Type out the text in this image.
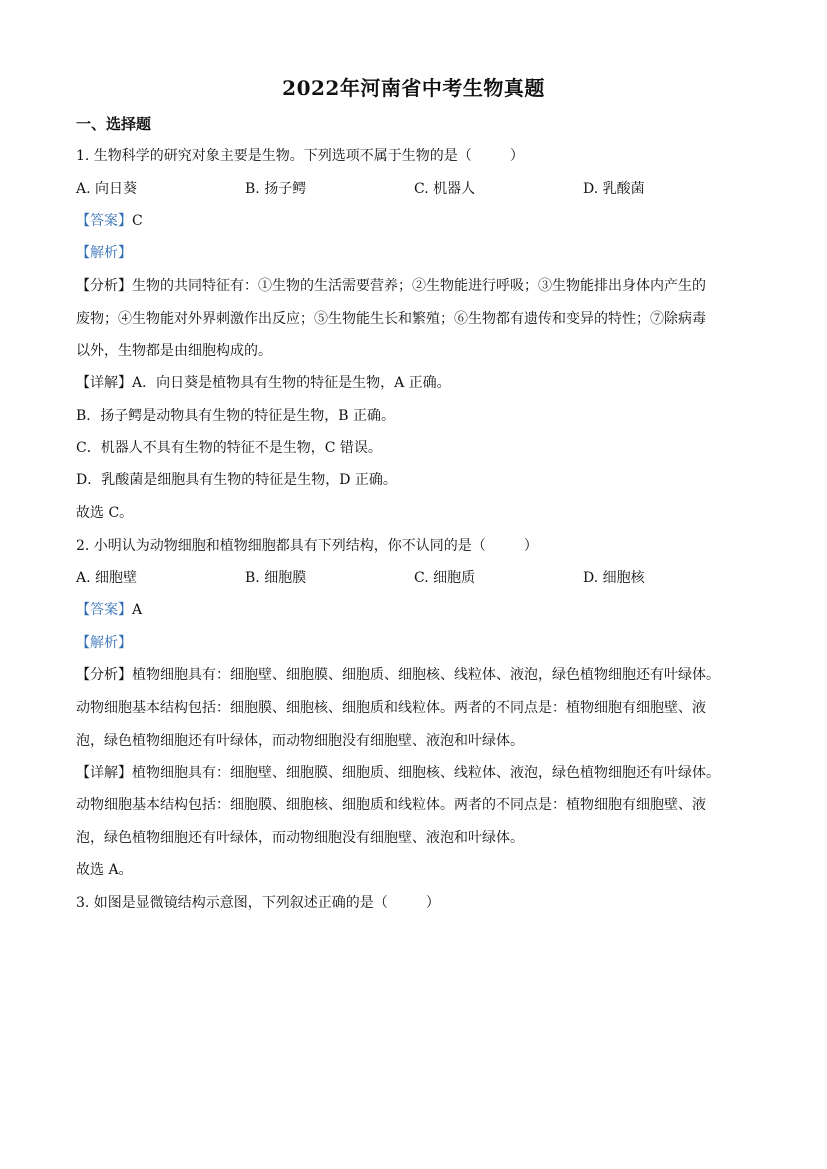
2022年河南省中考生物真题
一、选择题
1. 生物科学的研究对象主要是生物。下列选项不属于生物的是（	）
A. 向日葵	B. 扬子鳄	C. 机器人	D. 乳酸菌
【答案】C
【解析】
【分析】生物的共同特征有：①生物的生活需要营养；②生物能进行呼吸；③生物能排出身体内产生的
废物；④生物能对外界刺激作出反应；⑤生物能生长和繁殖；⑥生物都有遗传和变异的特性；⑦除病毒
以外，生物都是由细胞构成的。
【详解】A．向日葵是植物具有生物的特征是生物，A 正确。
B．扬子鳄是动物具有生物的特征是生物，B 正确。
C．机器人不具有生物的特征不是生物，C 错误。
D．乳酸菌是细胞具有生物的特征是生物，D 正确。
故选 C。
2. 小明认为动物细胞和植物细胞都具有下列结构，你不认同的是（	）
A. 细胞壁	B. 细胞膜	C. 细胞质	D. 细胞核
【答案】A
【解析】
【分析】植物细胞具有：细胞壁、细胞膜、细胞质、细胞核、线粒体、液泡，绿色植物细胞还有叶绿体。
动物细胞基本结构包括：细胞膜、细胞核、细胞质和线粒体。两者的不同点是：植物细胞有细胞壁、液
泡，绿色植物细胞还有叶绿体，而动物细胞没有细胞壁、液泡和叶绿体。
【详解】植物细胞具有：细胞壁、细胞膜、细胞质、细胞核、线粒体、液泡，绿色植物细胞还有叶绿体。
动物细胞基本结构包括：细胞膜、细胞核、细胞质和线粒体。两者的不同点是：植物细胞有细胞壁、液
泡，绿色植物细胞还有叶绿体，而动物细胞没有细胞壁、液泡和叶绿体。
故选 A。
3. 如图是显微镜结构示意图，下列叙述正确的是（	）
